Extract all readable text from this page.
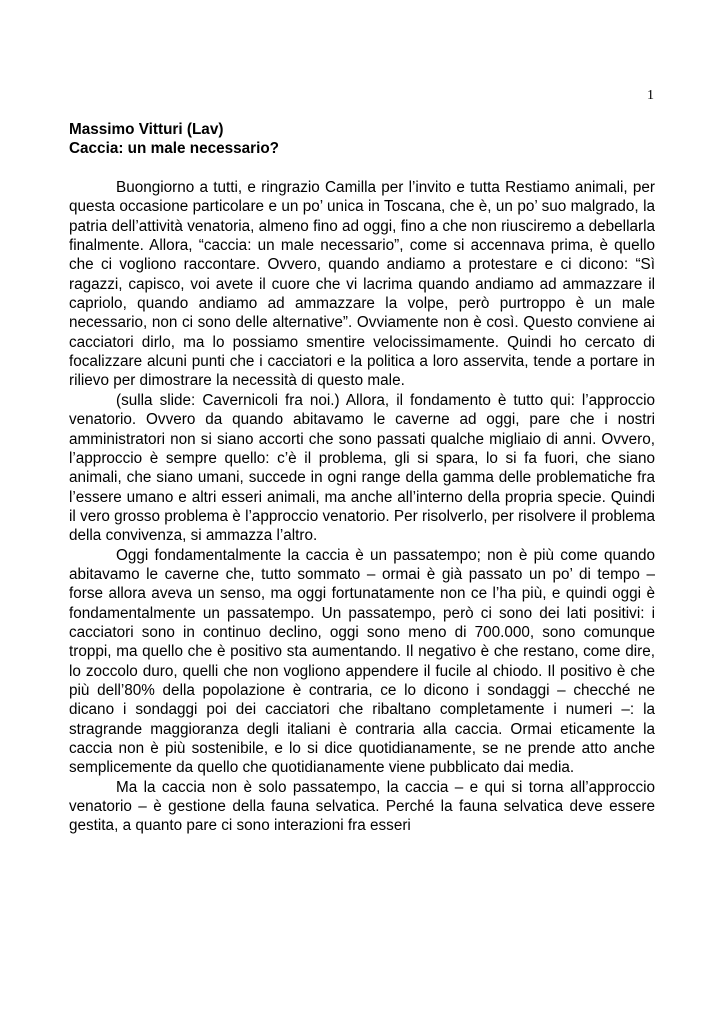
1

Massimo Vitturi (Lav)

Caccia: un male necessario?

Buongiorno a tutti, e ringrazio Camilla per l’invito e tutta Restiamo animali, per questa occasione particolare e un po’ unica in Toscana, che è, un po’ suo malgrado, la patria dell’attività venatoria, almeno fino ad oggi, fino a che non riusciremo a debellarla finalmente. Allora, “caccia: un male necessario”, come si accennava prima, è quello che ci vogliono raccontare. Ovvero, quando andiamo a protestare e ci dicono: “Sì ragazzi, capisco, voi avete il cuore che vi lacrima quando andiamo ad ammazzare il capriolo, quando andiamo ad ammazzare la volpe, però purtroppo è un male necessario, non ci sono delle alternative”. Ovviamente non è così. Questo conviene ai cacciatori dirlo, ma lo possiamo smentire velocissimamente. Quindi ho cercato di focalizzare alcuni punti che i cacciatori e la politica a loro asservita, tende a portare in rilievo per dimostrare la necessità di questo male.

(sulla slide: Cavernicoli fra noi.) Allora, il fondamento è tutto qui: l’approccio venatorio. Ovvero da quando abitavamo le caverne ad oggi, pare che i nostri amministratori non si siano accorti che sono passati qualche migliaio di anni. Ovvero, l’approccio è sempre quello: c’è il problema, gli si spara, lo si fa fuori, che siano animali, che siano umani, succede in ogni range della gamma delle problematiche fra l’essere umano e altri esseri animali, ma anche all’interno della propria specie. Quindi il vero grosso problema è l’approccio venatorio. Per risolverlo, per risolvere il problema della convivenza, si ammazza l’altro.

Oggi fondamentalmente la caccia è un passatempo; non è più come quando abitavamo le caverne che, tutto sommato – ormai è già passato un po’ di tempo – forse allora aveva un senso, ma oggi fortunatamente non ce l’ha più, e quindi oggi è fondamentalmente un passatempo. Un passatempo, però ci sono dei lati positivi: i cacciatori sono in continuo declino, oggi sono meno di 700.000, sono comunque troppi, ma quello che è positivo sta aumentando. Il negativo è che restano, come dire, lo zoccolo duro, quelli che non vogliono appendere il fucile al chiodo. Il positivo è che più dell’80% della popolazione è contraria, ce lo dicono i sondaggi – checché ne dicano i sondaggi poi dei cacciatori che ribaltano completamente i numeri –: la stragrande maggioranza degli italiani è contraria alla caccia. Ormai eticamente la caccia non è più sostenibile, e lo si dice quotidianamente, se ne prende atto anche semplicemente da quello che quotidianamente viene pubblicato dai media.

Ma la caccia non è solo passatempo, la caccia – e qui si torna all’approccio venatorio – è gestione della fauna selvatica. Perché la fauna selvatica deve essere gestita, a quanto pare ci sono interazioni fra esseri
